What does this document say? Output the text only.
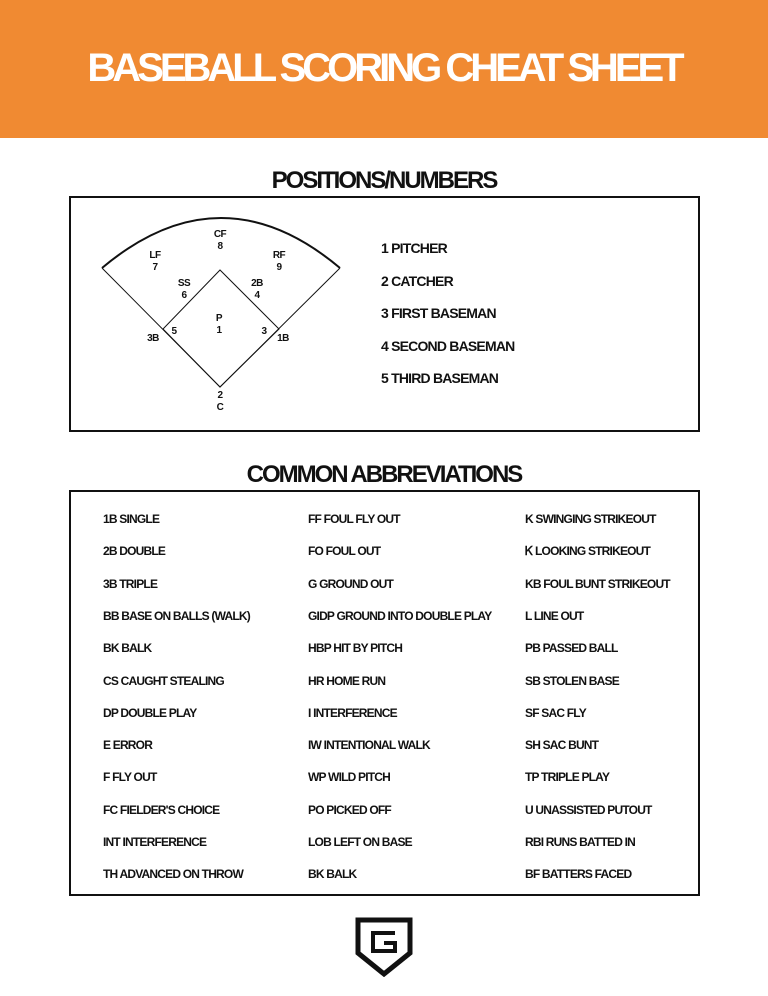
BASEBALL SCORING CHEAT SHEET
POSITIONS/NUMBERS
CF
8
LF
7
RF
9
SS
6
2B
4
P
1
3B
5
1B
3
2
C
1 PITCHER
2 CATCHER
3 FIRST BASEMAN
4 SECOND BASEMAN
5 THIRD BASEMAN
COMMON ABBREVIATIONS
1B SINGLE
2B DOUBLE
3B TRIPLE
BB BASE ON BALLS (WALK)
BK BALK
CS CAUGHT STEALING
DP DOUBLE PLAY
E ERROR
F FLY OUT
FC FIELDER'S CHOICE
INT INTERFERENCE
TH ADVANCED ON THROW
FF FOUL FLY OUT
FO FOUL OUT
G GROUND OUT
GIDP GROUND INTO DOUBLE PLAY
HBP HIT BY PITCH
HR HOME RUN
I INTERFERENCE
IW INTENTIONAL WALK
WP WILD PITCH
PO PICKED OFF
LOB LEFT ON BASE
BK BALK
K SWINGING STRIKEOUT
Ꮶ LOOKING STRIKEOUT
KB FOUL BUNT STRIKEOUT
L LINE OUT
PB PASSED BALL
SB STOLEN BASE
SF SAC FLY
SH SAC BUNT
TP TRIPLE PLAY
U UNASSISTED PUTOUT
RBI RUNS BATTED IN
BF BATTERS FACED
